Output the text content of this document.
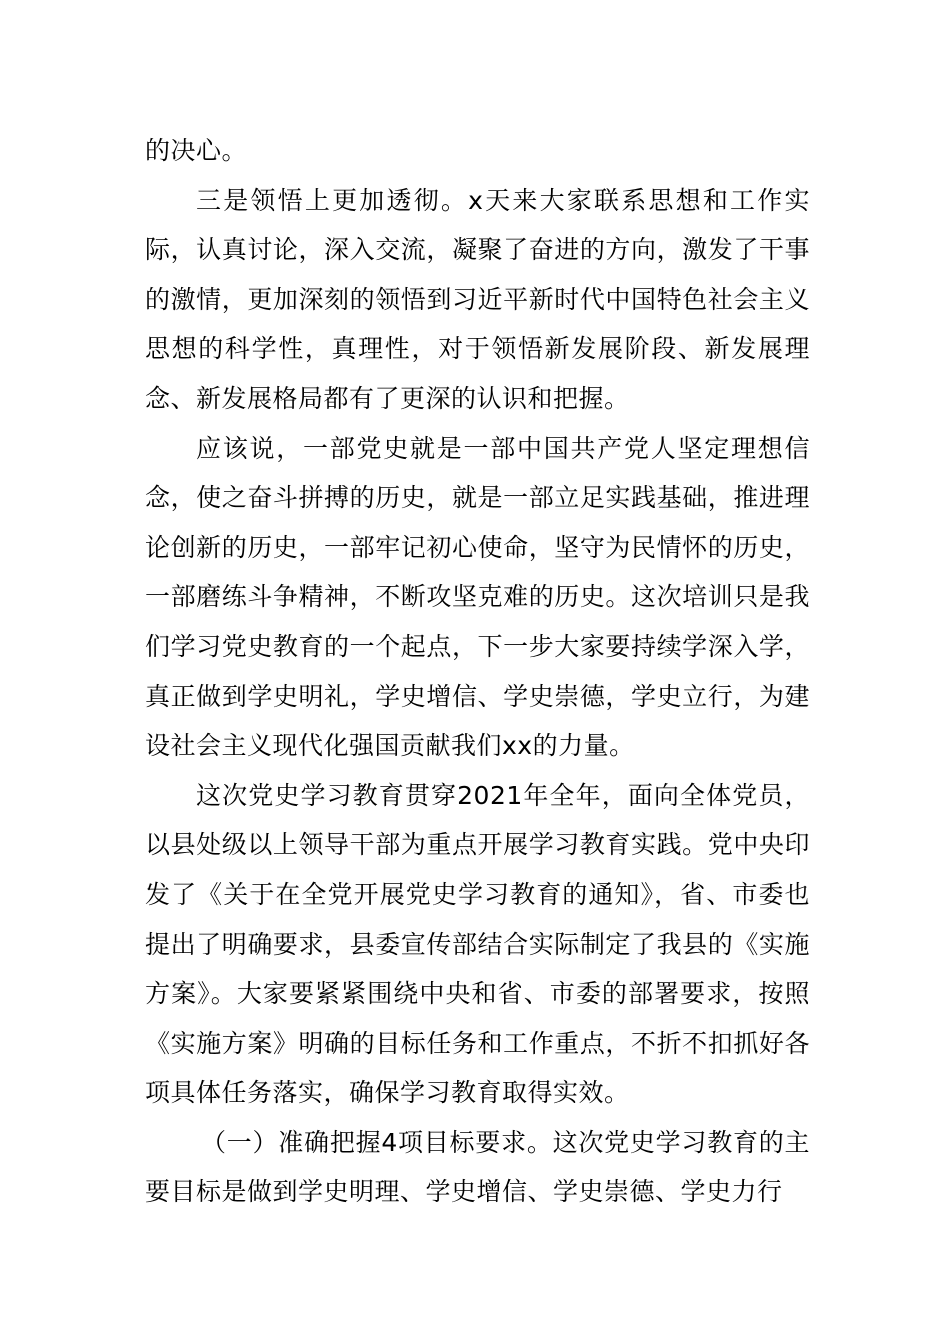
的决心。

三是领悟上更加透彻。x天来大家联系思想和工作实际，认真讨论，深入交流，凝聚了奋进的方向，激发了干事的激情，更加深刻的领悟到习近平新时代中国特色社会主义思想的科学性，真理性，对于领悟新发展阶段、新发展理念、新发展格局都有了更深的认识和把握。

应该说，一部党史就是一部中国共产党人坚定理想信念，使之奋斗拼搏的历史，就是一部立足实践基础，推进理论创新的历史，一部牢记初心使命，坚守为民情怀的历史，一部磨练斗争精神，不断攻坚克难的历史。这次培训只是我们学习党史教育的一个起点，下一步大家要持续学深入学，真正做到学史明礼，学史增信、学史崇德，学史立行，为建设社会主义现代化强国贡献我们xx的力量。

这次党史学习教育贯穿2021年全年，面向全体党员，以县处级以上领导干部为重点开展学习教育实践。党中央印发了《关于在全党开展党史学习教育的通知》，省、市委也提出了明确要求，县委宣传部结合实际制定了我县的《实施方案》。大家要紧紧围绕中央和省、市委的部署要求，按照《实施方案》明确的目标任务和工作重点，不折不扣抓好各项具体任务落实，确保学习教育取得实效。

（一）准确把握4项目标要求。这次党史学习教育的主要目标是做到学史明理、学史增信、学史崇德、学史力行
